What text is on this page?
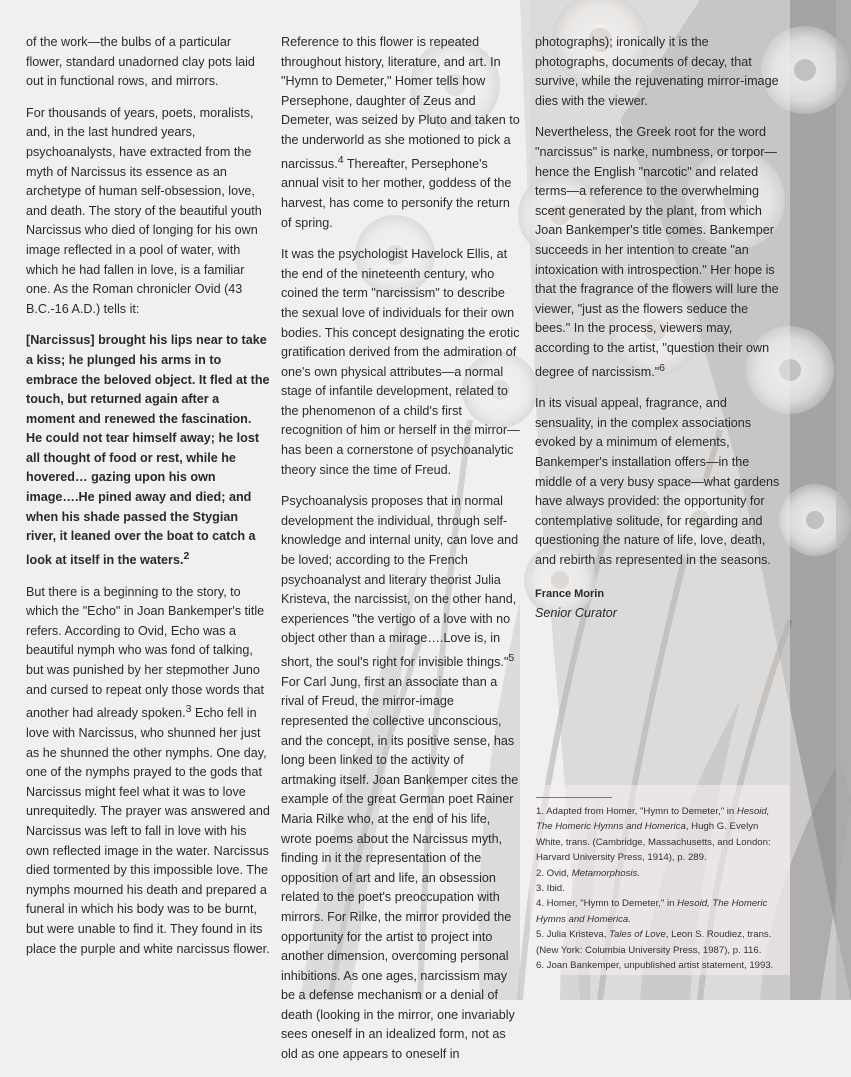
of the work—the bulbs of a particular flower, standard unadorned clay pots laid out in functional rows, and mirrors.

For thousands of years, poets, moralists, and, in the last hundred years, psychoanalysts, have extracted from the myth of Narcissus its essence as an archetype of human self-obsession, love, and death. The story of the beautiful youth Narcissus who died of longing for his own image reflected in a pool of water, with which he had fallen in love, is a familiar one. As the Roman chronicler Ovid (43 B.C.-16 A.D.) tells it:

[Narcissus] brought his lips near to take a kiss; he plunged his arms in to embrace the beloved object. It fled at the touch, but returned again after a moment and renewed the fascination. He could not tear himself away; he lost all thought of food or rest, while he hovered… gazing upon his own image….He pined away and died; and when his shade passed the Stygian river, it leaned over the boat to catch a look at itself in the waters.$^2$

But there is a beginning to the story, to which the "Echo" in Joan Bankemper's title refers. According to Ovid, Echo was a beautiful nymph who was fond of talking, but was punished by her stepmother Juno and cursed to repeat only those words that another had already spoken.$^3$ Echo fell in love with Narcissus, who shunned her just as he shunned the other nymphs. One day, one of the nymphs prayed to the gods that Narcissus might feel what it was to love unrequitedly. The prayer was answered and Narcissus was left to fall in love with his own reflected image in the water. Narcissus died tormented by this impossible love. The nymphs mourned his death and prepared a funeral in which his body was to be burnt, but were unable to find it. They found in its place the purple and white narcissus flower.

Reference to this flower is repeated throughout history, literature, and art. In "Hymn to Demeter," Homer tells how Persephone, daughter of Zeus and Demeter, was seized by Pluto and taken to the underworld as she motioned to pick a narcissus.$^4$ Thereafter, Persephone's annual visit to her mother, goddess of the harvest, has come to personify the return of spring.

It was the psychologist Havelock Ellis, at the end of the nineteenth century, who coined the term "narcissism" to describe the sexual love of individuals for their own bodies. This concept designating the erotic gratification derived from the admiration of one's own physical attributes—a normal stage of infantile development, related to the phenomenon of a child's first recognition of him or herself in the mirror—has been a cornerstone of psychoanalytic theory since the time of Freud.

Psychoanalysis proposes that in normal development the individual, through self-knowledge and internal unity, can love and be loved; according to the French psychoanalyst and literary theorist Julia Kristeva, the narcissist, on the other hand, experiences "the vertigo of a love with no object other than a mirage….Love is, in short, the soul's right for invisible things."$^5$ For Carl Jung, first an associate than a rival of Freud, the mirror-image represented the collective unconscious, and the concept, in its positive sense, has long been linked to the activity of artmaking itself. Joan Bankemper cites the example of the great German poet Rainer Maria Rilke who, at the end of his life, wrote poems about the Narcissus myth, finding in it the representation of the opposition of art and life, an obsession related to the poet's preoccupation with mirrors. For Rilke, the mirror provided the opportunity for the artist to project into another dimension, overcoming personal inhibitions. As one ages, narcissism may be a defense mechanism or a denial of death (looking in the mirror, one invariably sees oneself in an idealized form, not as old as one appears to oneself in

photographs); ironically it is the photographs, documents of decay, that survive, while the rejuvenating mirror-image dies with the viewer.

Nevertheless, the Greek root for the word "narcissus" is narke, numbness, or torpor—hence the English "narcotic" and related terms—a reference to the overwhelming scent generated by the plant, from which Joan Bankemper's title comes. Bankemper succeeds in her intention to create "an intoxication with introspection." Her hope is that the fragrance of the flowers will lure the viewer, "just as the flowers seduce the bees." In the process, viewers may, according to the artist, "question their own degree of narcissism."$^6$

In its visual appeal, fragrance, and sensuality, in the complex associations evoked by a minimum of elements, Bankemper's installation offers—in the middle of a very busy space—what gardens have always provided: the opportunity for contemplative solitude, for regarding and questioning the nature of life, love, death, and rebirth as represented in the seasons.

France Morin
Senior Curator

1. Adapted from Homer, "Hymn to Demeter," in Hesoid, The Homeric Hymns and Homerica, Hugh G. Evelyn White, trans. (Cambridge, Massachusetts, and London: Harvard University Press, 1914), p. 289.

2. Ovid, Metamorphosis.

3. Ibid.

4. Homer, "Hymn to Demeter," in Hesoid, The Homeric Hymns and Homerica.

5. Julia Kristeva, Tales of Love, Leon S. Roudiez, trans. (New York: Columbia University Press, 1987), p. 116.

6. Joan Bankemper, unpublished artist statement, 1993.
